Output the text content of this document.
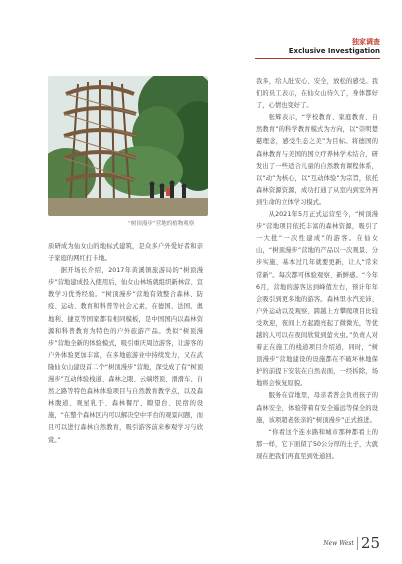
独家调查
Exclusive Investigation
“树顶漫步”营地的植物观察

质研成为仙女山的地标式建筑，是众多户外爱好者和亲子家庭的网红打卡地。

据开场长介绍，2017年黄溪镇旅游局的“树顶漫步”营地建成投入使用后，仙女山林场就组织新林营、宣教学习优秀经验。“树顶漫步”营地有效整合森林、防疫、运动、教育和科普等社会元素，在德国、法国、奥地利、捷克等国家都有相同模板，是中国国内以森林资源和科普教育为特色的户外旅游产品。类似“树顶漫步”营地全新的体验模式，吸引重庆周边游客，让游客的户外体验更加丰富，在多地旅游业中持续发力，又在武隆仙女山建设首二个“树顶漫步”营地，深受成了有“树顶漫步”互动体验栈道、森林之眼、云端塔顶、滑滑车、自然之路等特色森林体验项目与自然教育教学点，以及森林腹道、观星乳于、森林餐厅、瞭望台、民宿的设施，“在整个森林区内可以解决空中平台的观景问题，而且可以进行森林自然教育，吸引游客前来参观学习与欣赏。”

我多，给人肚安心、安全，放松的感受。我们的员工表示，在仙女山待久了，身体都好了，心情也变好了。

张辉表示，“学校教育、家庭教育、自然教育”的科学教育模式为方向，以“崇明楚慈理念，感受生态之美”为目标。将德国的森林教育与美国的国立疗养林学术结合，研发出了一些适合儿童的自然教育课程体系，以“动”为核心，以“互动体验”为宗旨，依托森林资源资源，成功打通了从室内到室外再到生命的立体学习模式。

从2021年5月正式运营至今，“树顶漫步”营地项目依托丰富的森林资源，吸引了一大批“一次性建成”的游客。在仙女山，“树顶漫步”营地的产品以一次观景、分步实施、基本过几年就要更新，让人“常来常新”。每次都可体验观察、新鲜感。“今年6月，营地的游客达到峰值左右，预计年年会吸引到更多地的游客。森林里水汽充沛、户外运动以及观察、跨越上方攀爬项目比较受欢迎，夜间上方起跑亮起了微微光，等优越的人可以在夜间欣赏到萤火虫。”负责人对着正在施工的栈道项目介绍道，同时，“树顶漫步”营地建设的设施都在不破坏林地保护的前提下安装在自然表面，一经拆除，场地将会恢复原貌。

服务在营地里，母亲者普会负责孩子的森林安全，体验带着有安全遥远等保全的设施，该项超老张亲的“树顶漫步”正式推进。

“你看这个连水路和城市那种都看上的那一样，它下面留了50公分厚的土子，大就现在把我们再直至到处通回。

New West 25
